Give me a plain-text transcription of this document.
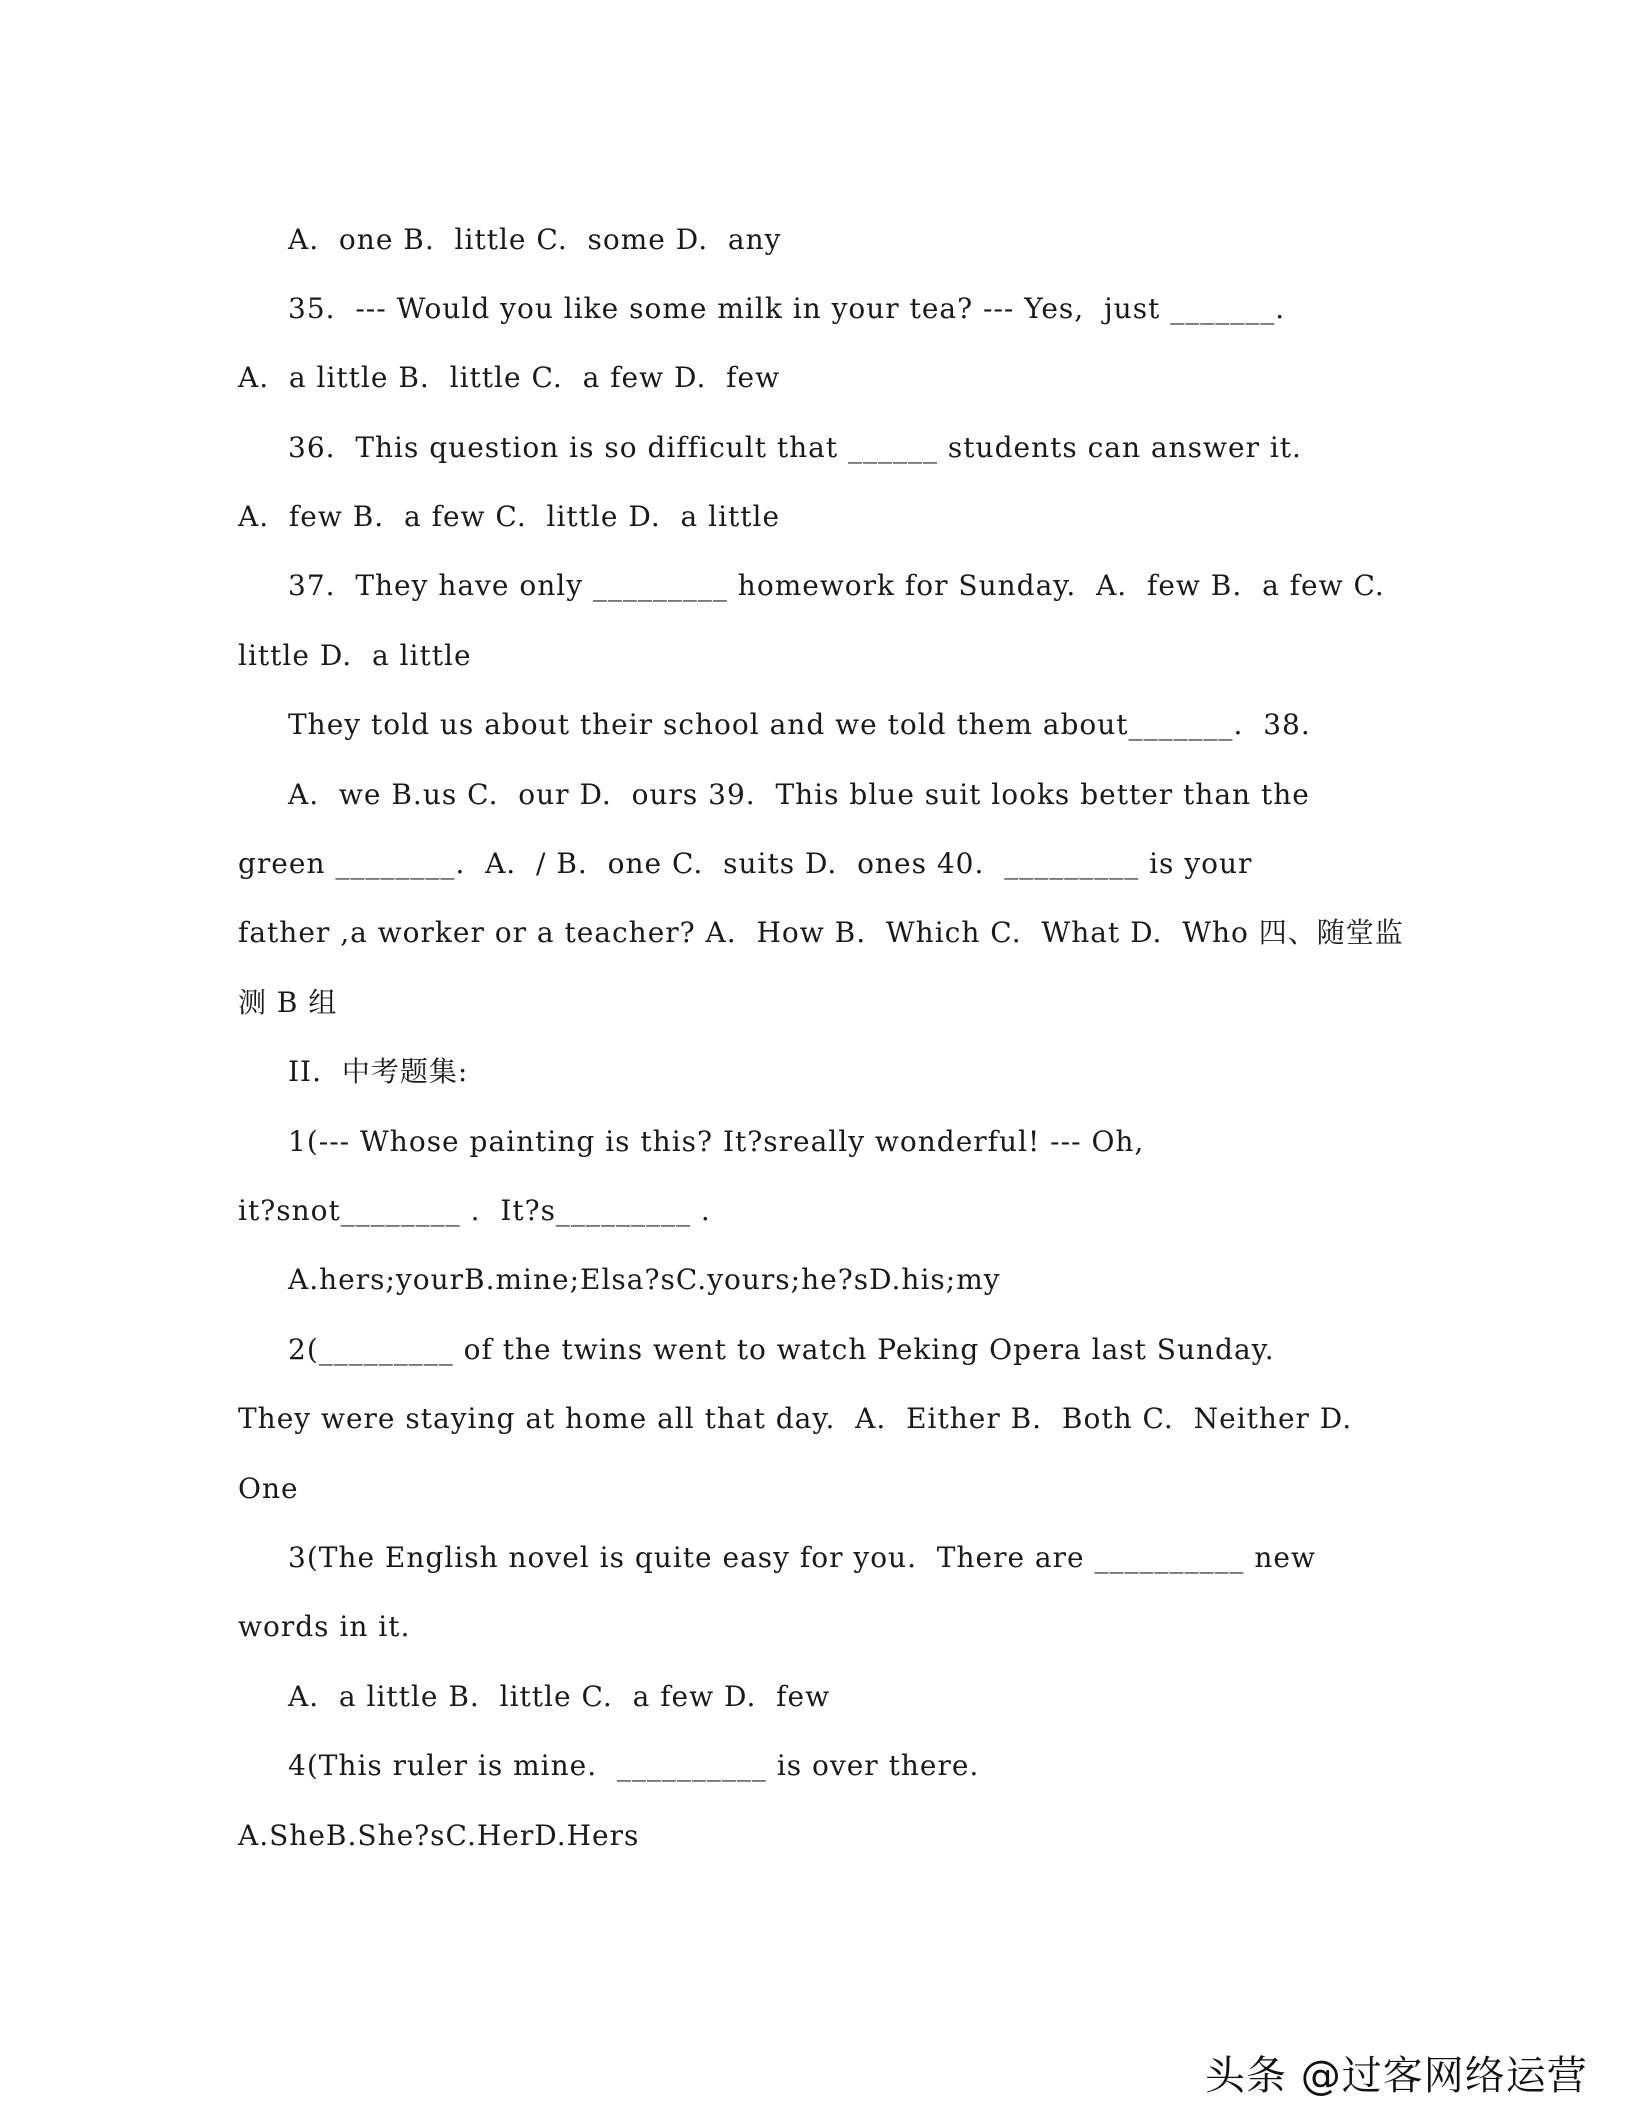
A.  one B.  little C.  some D.  any
35.  --- Would you like some milk in your tea? --- Yes,  just _______.
A.  a little B.  little C.  a few D.  few
36.  This question is so difficult that ______ students can answer it.
A.  few B.  a few C.  little D.  a little
37.  They have only _________ homework for Sunday.  A.  few B.  a few C.
little D.  a little
They told us about their school and we told them about_______.  38.
A.  we B.us C.  our D.  ours 39.  This blue suit looks better than the
green ________.  A.  / B.  one C.  suits D.  ones 40.  _________ is your
father ,a worker or a teacher? A.  How B.  Which C.  What D.  Who 四、随堂监
测 B 组
II.  中考题集:
1(--- Whose painting is this? It?sreally wonderful! --- Oh,
it?snot________ .  It?s_________ .
A.hers;yourB.mine;Elsa?sC.yours;he?sD.his;my
2(_________ of the twins went to watch Peking Opera last Sunday.
They were staying at home all that day.  A.  Either B.  Both C.  Neither D.
One
3(The English novel is quite easy for you.  There are __________ new
words in it.
A.  a little B.  little C.  a few D.  few
4(This ruler is mine.  __________ is over there.
A.SheB.She?sC.HerD.Hers
头条 @过客网络运营
